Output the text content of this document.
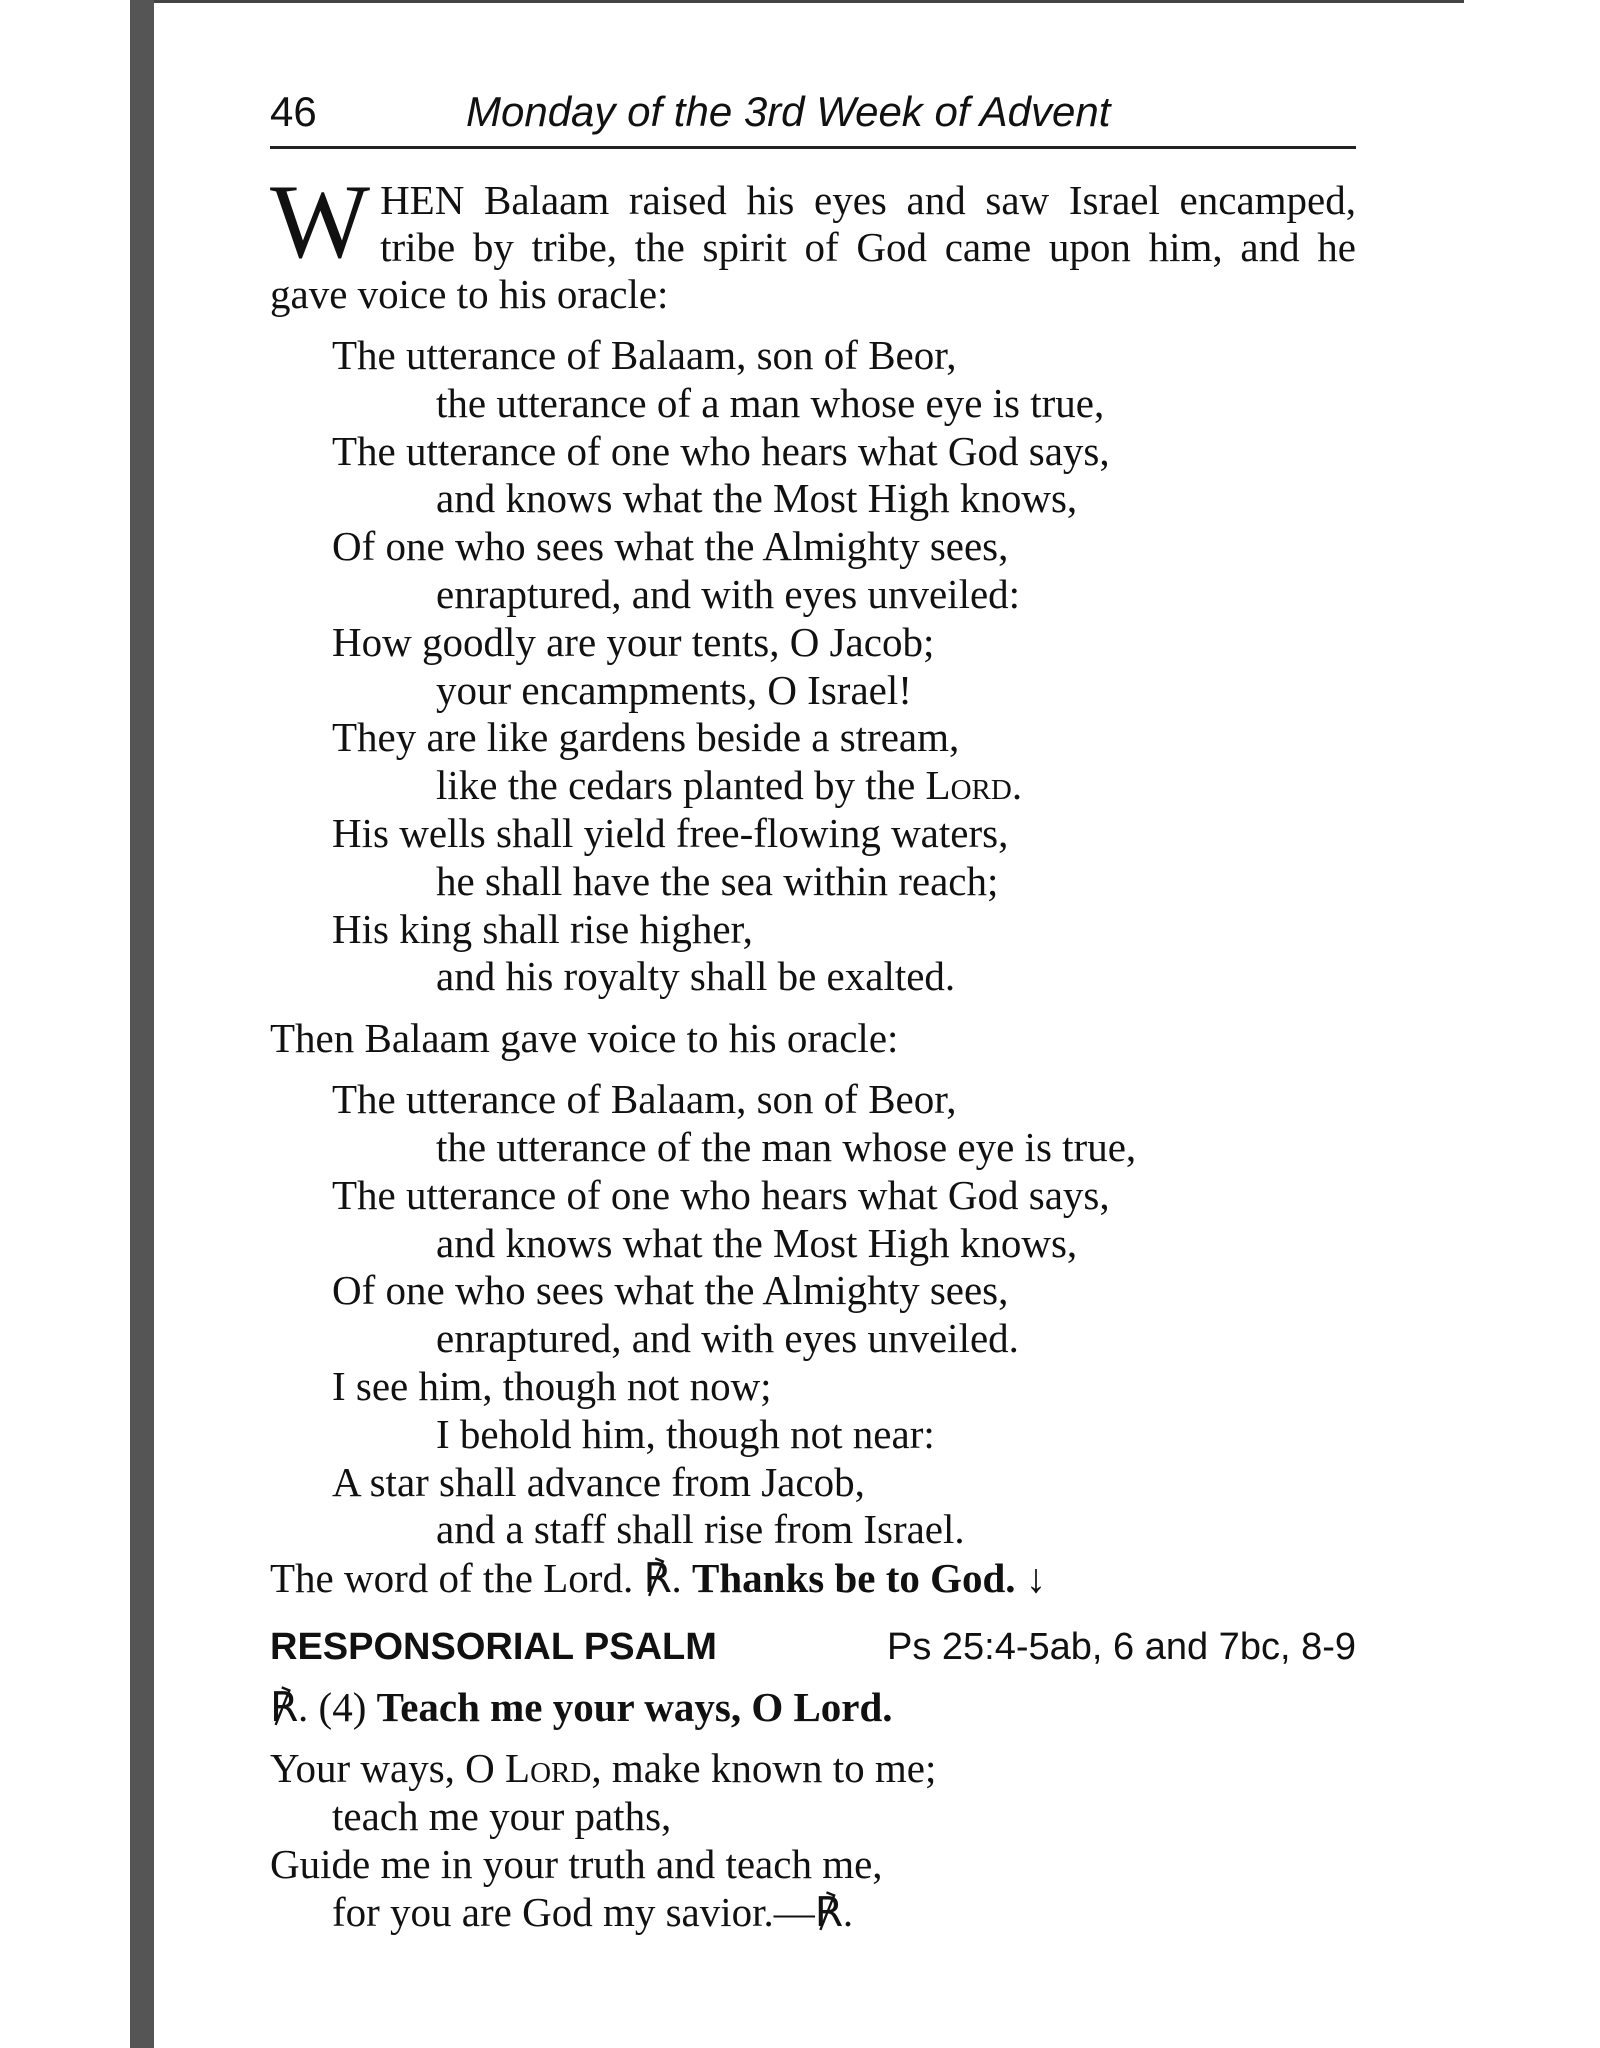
46	Monday of the 3rd Week of Advent
WHEN Balaam raised his eyes and saw Israel encamped, tribe by tribe, the spirit of God came upon him, and he gave voice to his oracle:
The utterance of Balaam, son of Beor,
the utterance of a man whose eye is true,
The utterance of one who hears what God says,
and knows what the Most High knows,
Of one who sees what the Almighty sees,
enraptured, and with eyes unveiled:
How goodly are your tents, O Jacob;
your encampments, O Israel!
They are like gardens beside a stream,
like the cedars planted by the Lord.
His wells shall yield free-flowing waters,
he shall have the sea within reach;
His king shall rise higher,
and his royalty shall be exalted.
Then Balaam gave voice to his oracle:
The utterance of Balaam, son of Beor,
the utterance of the man whose eye is true,
The utterance of one who hears what God says,
and knows what the Most High knows,
Of one who sees what the Almighty sees,
enraptured, and with eyes unveiled.
I see him, though not now;
I behold him, though not near:
A star shall advance from Jacob,
and a staff shall rise from Israel.
The word of the Lord. ℟. Thanks be to God. ↓
RESPONSORIAL PSALM	Ps 25:4-5ab, 6 and 7bc, 8-9
℟. (4) Teach me your ways, O Lord.
Your ways, O Lord, make known to me;
teach me your paths,
Guide me in your truth and teach me,
for you are God my savior.—℟.
